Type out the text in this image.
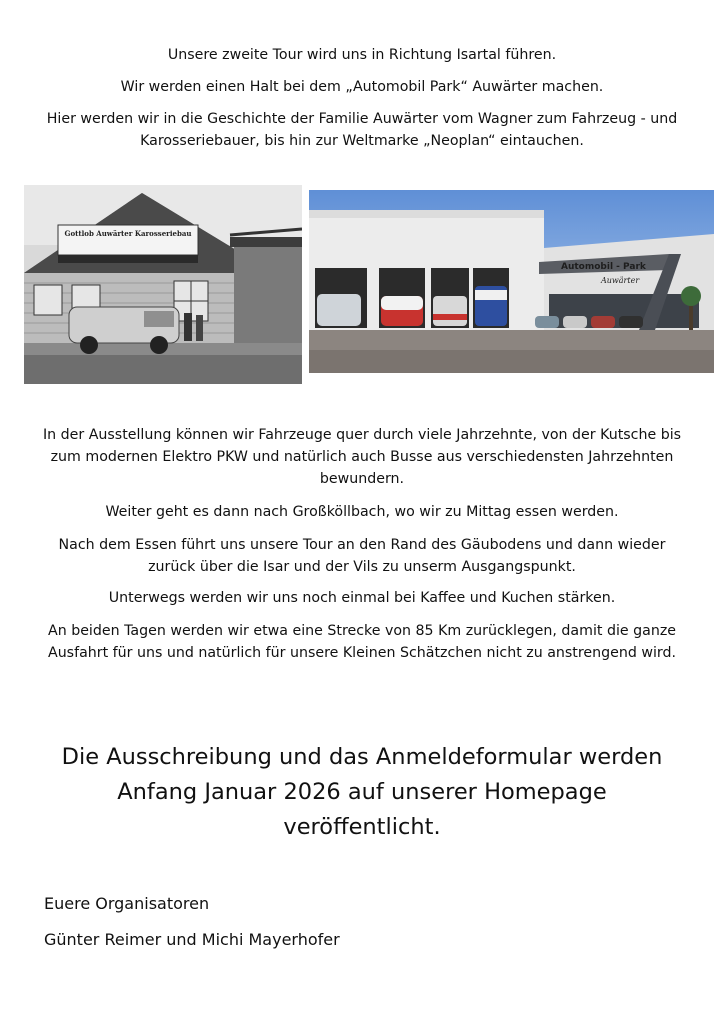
Unsere zweite Tour wird uns in Richtung Isartal führen.

Wir werden einen Halt bei dem „Automobil Park“ Auwärter machen.

Hier werden wir in die Geschichte der Familie Auwärter vom Wagner zum Fahrzeug - und Karosseriebauer, bis hin zur Weltmarke „Neoplan“ eintauchen.

Gottlob Auwärter Karosseriebau
Automobil - Park
Auwärter

In der Ausstellung können wir Fahrzeuge quer durch viele Jahrzehnte, von der Kutsche bis zum modernen Elektro PKW und natürlich auch Busse aus verschiedensten Jahrzehnten bewundern.

Weiter geht es dann nach Großköllbach, wo wir zu Mittag essen werden.

Nach dem Essen führt uns unsere Tour an den Rand des Gäubodens und dann wieder zurück über die Isar und der Vils zu unserm Ausgangspunkt.

Unterwegs werden wir uns noch einmal bei Kaffee und Kuchen stärken.

An beiden Tagen werden wir etwa eine Strecke von 85 Km zurücklegen, damit die ganze Ausfahrt für uns und natürlich für unsere Kleinen Schätzchen nicht zu anstrengend wird.

Die Ausschreibung und das Anmeldeformular werden Anfang Januar 2026 auf unserer Homepage veröffentlicht.

Euere Organisatoren

Günter Reimer und Michi Mayerhofer
